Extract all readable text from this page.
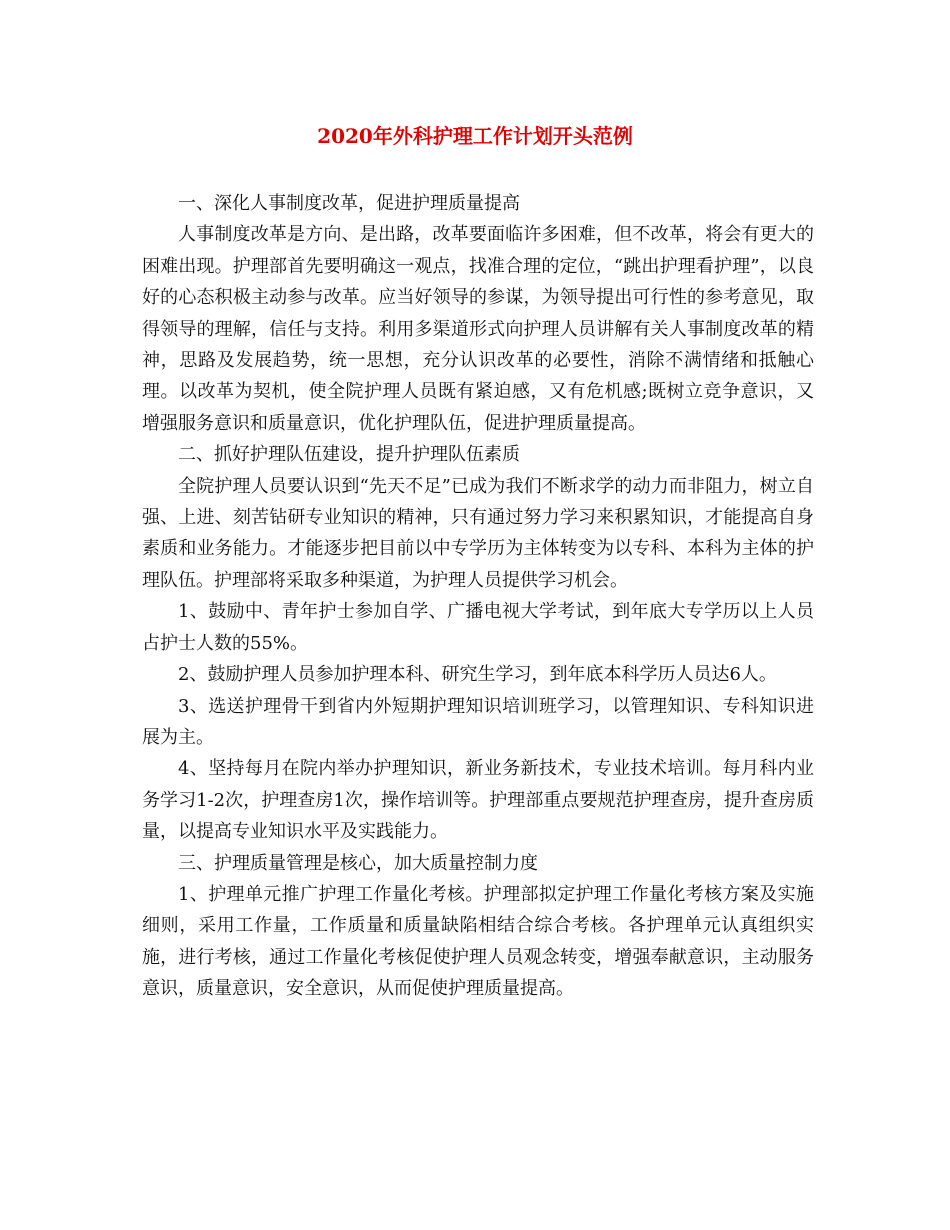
2020年外科护理工作计划开头范例

一、深化人事制度改革，促进护理质量提高

人事制度改革是方向、是出路，改革要面临许多困难，但不改革，将会有更大的困难出现。护理部首先要明确这一观点，找准合理的定位，“跳出护理看护理”，以良好的心态积极主动参与改革。应当好领导的参谋，为领导提出可行性的参考意见，取得领导的理解，信任与支持。利用多渠道形式向护理人员讲解有关人事制度改革的精神，思路及发展趋势，统一思想，充分认识改革的必要性，消除不满情绪和抵触心理。以改革为契机，使全院护理人员既有紧迫感，又有危机感;既树立竞争意识，又增强服务意识和质量意识，优化护理队伍，促进护理质量提高。

二、抓好护理队伍建设，提升护理队伍素质

全院护理人员要认识到“先天不足”已成为我们不断求学的动力而非阻力，树立自强、上进、刻苦钻研专业知识的精神，只有通过努力学习来积累知识，才能提高自身素质和业务能力。才能逐步把目前以中专学历为主体转变为以专科、本科为主体的护理队伍。护理部将采取多种渠道，为护理人员提供学习机会。

1、鼓励中、青年护士参加自学、广播电视大学考试，到年底大专学历以上人员占护士人数的55%。

2、鼓励护理人员参加护理本科、研究生学习，到年底本科学历人员达6人。

3、选送护理骨干到省内外短期护理知识培训班学习，以管理知识、专科知识进展为主。

4、坚持每月在院内举办护理知识，新业务新技术，专业技术培训。每月科内业务学习1-2次，护理查房1次，操作培训等。护理部重点要规范护理查房，提升查房质量，以提高专业知识水平及实践能力。

三、护理质量管理是核心，加大质量控制力度

1、护理单元推广护理工作量化考核。护理部拟定护理工作量化考核方案及实施细则，采用工作量，工作质量和质量缺陷相结合综合考核。各护理单元认真组织实施，进行考核，通过工作量化考核促使护理人员观念转变，增强奉献意识，主动服务意识，质量意识，安全意识，从而促使护理质量提高。
